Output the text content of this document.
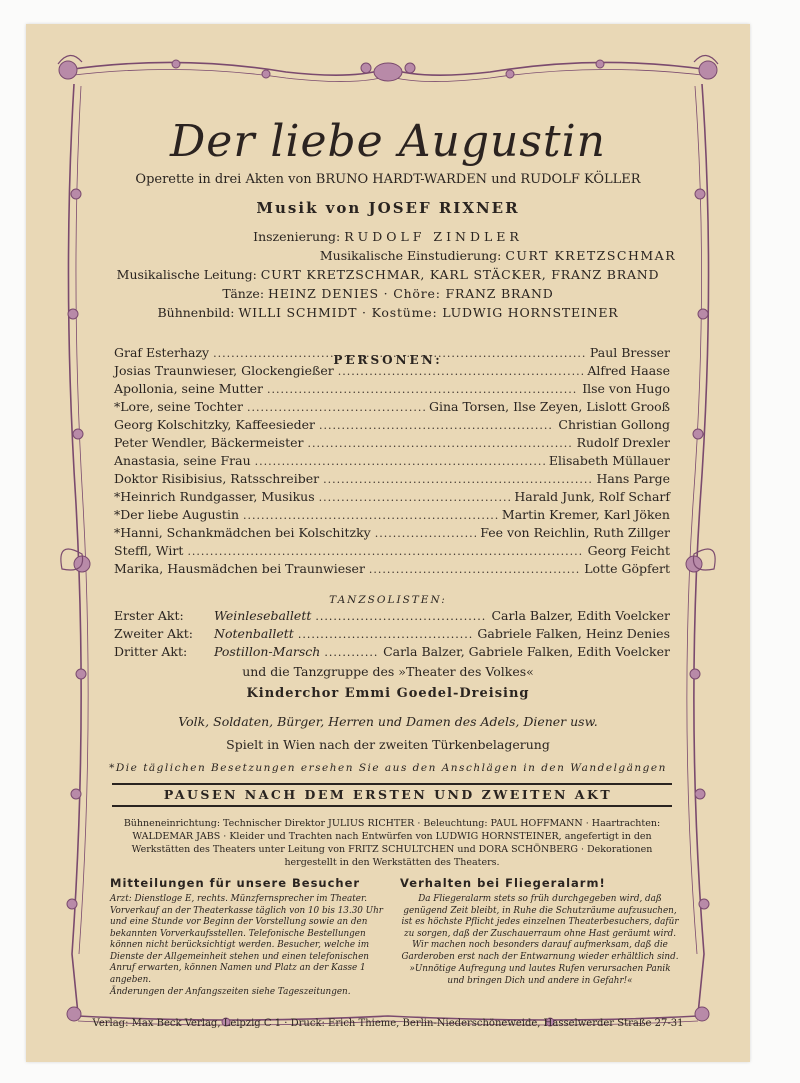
Der liebe Augustin
Operette in drei Akten von BRUNO HARDT-WARDEN und RUDOLF KÖLLER
Musik von JOSEF RIXNER
Inszenierung: RUDOLF ZINDLER
Musikalische Einstudierung: CURT KRETZSCHMAR
Musikalische Leitung: CURT KRETZSCHMAR, KARL STÄCKER, FRANZ BRAND
Tänze: HEINZ DENIES · Chöre: FRANZ BRAND
Bühnenbild: WILLI SCHMIDT · Kostüme: LUDWIG HORNSTEINER
PERSONEN:
Graf Esterhazy .....	Paul Bresser
Josias Traunwieser, Glockengießer .....	Alfred Haase
Apollonia, seine Mutter .....	Ilse von Hugo
*Lore, seine Tochter .....	Gina Torsen, Ilse Zeyen, Lislott Grooß
Georg Kolschitzky, Kaffeesieder .....	Christian Gollong
Peter Wendler, Bäckermeister .....	Rudolf Drexler
Anastasia, seine Frau .....	Elisabeth Müllauer
Doktor Risibisius, Ratsschreiber .....	Hans Parge
*Heinrich Rundgasser, Musikus .....	Harald Junk, Rolf Scharf
*Der liebe Augustin .....	Martin Kremer, Karl Jöken
*Hanni, Schankmädchen bei Kolschitzky .....	Fee von Reichlin, Ruth Zillger
Steffl, Wirt .....	Georg Feicht
Marika, Hausmädchen bei Traunwieser .....	Lotte Göpfert
TANZSOLISTEN:
Erster Akt:	Weinleseballett .....	Carla Balzer, Edith Voelcker
Zweiter Akt:	Notenballett .....	Gabriele Falken, Heinz Denies
Dritter Akt:	Postillon-Marsch .....	Carla Balzer, Gabriele Falken, Edith Voelcker
und die Tanzgruppe des »Theater des Volkes«
Kinderchor Emmi Goedel-Dreising
Volk, Soldaten, Bürger, Herren und Damen des Adels, Diener usw.
Spielt in Wien nach der zweiten Türkenbelagerung
*Die täglichen Besetzungen ersehen Sie aus den Anschlägen in den Wandelgängen
PAUSEN NACH DEM ERSTEN UND ZWEITEN AKT
Bühneneinrichtung: Technischer Direktor JULIUS RICHTER · Beleuchtung: PAUL HOFFMANN · Haartrachten: WALDEMAR JABS · Kleider und Trachten nach Entwürfen von LUDWIG HORNSTEINER, angefertigt in den Werkstätten des Theaters unter Leitung von FRITZ SCHULTCHEN und DORA SCHÖNBERG · Dekorationen hergestellt in den Werkstätten des Theaters.
Mitteilungen für unsere Besucher

Arzt: Dienstloge E, rechts. Münzfernsprecher im Theater. Vorverkauf an der Theaterkasse täglich von 10 bis 13.30 Uhr und eine Stunde vor Beginn der Vorstellung sowie an den bekannten Vorverkaufsstellen. Telefonische Bestellungen können nicht berücksichtigt werden. Besucher, welche im Dienste der Allgemeinheit stehen und einen telefonischen Anruf erwarten, können Namen und Platz an der Kasse 1 angeben.

Änderungen der Anfangszeiten siehe Tageszeitungen.

Verhalten bei Fliegeralarm!

Da Fliegeralarm stets so früh durchgegeben wird, daß genügend Zeit bleibt, in Ruhe die Schutzräume aufzusuchen, ist es höchste Pflicht jedes einzelnen Theaterbesuchers, dafür zu sorgen, daß der Zuschauerraum ohne Hast geräumt wird. Wir machen noch besonders darauf aufmerksam, daß die Garderoben erst nach der Entwarnung wieder erhältlich sind.

»Unnötige Aufregung und lautes Rufen verursachen Panik und bringen Dich und andere in Gefahr!«

Verlag: Max Beck Verlag, Leipzig C 1 · Druck: Erich Thieme, Berlin-Niederschöneweide, Hasselwerder Straße 27-31
